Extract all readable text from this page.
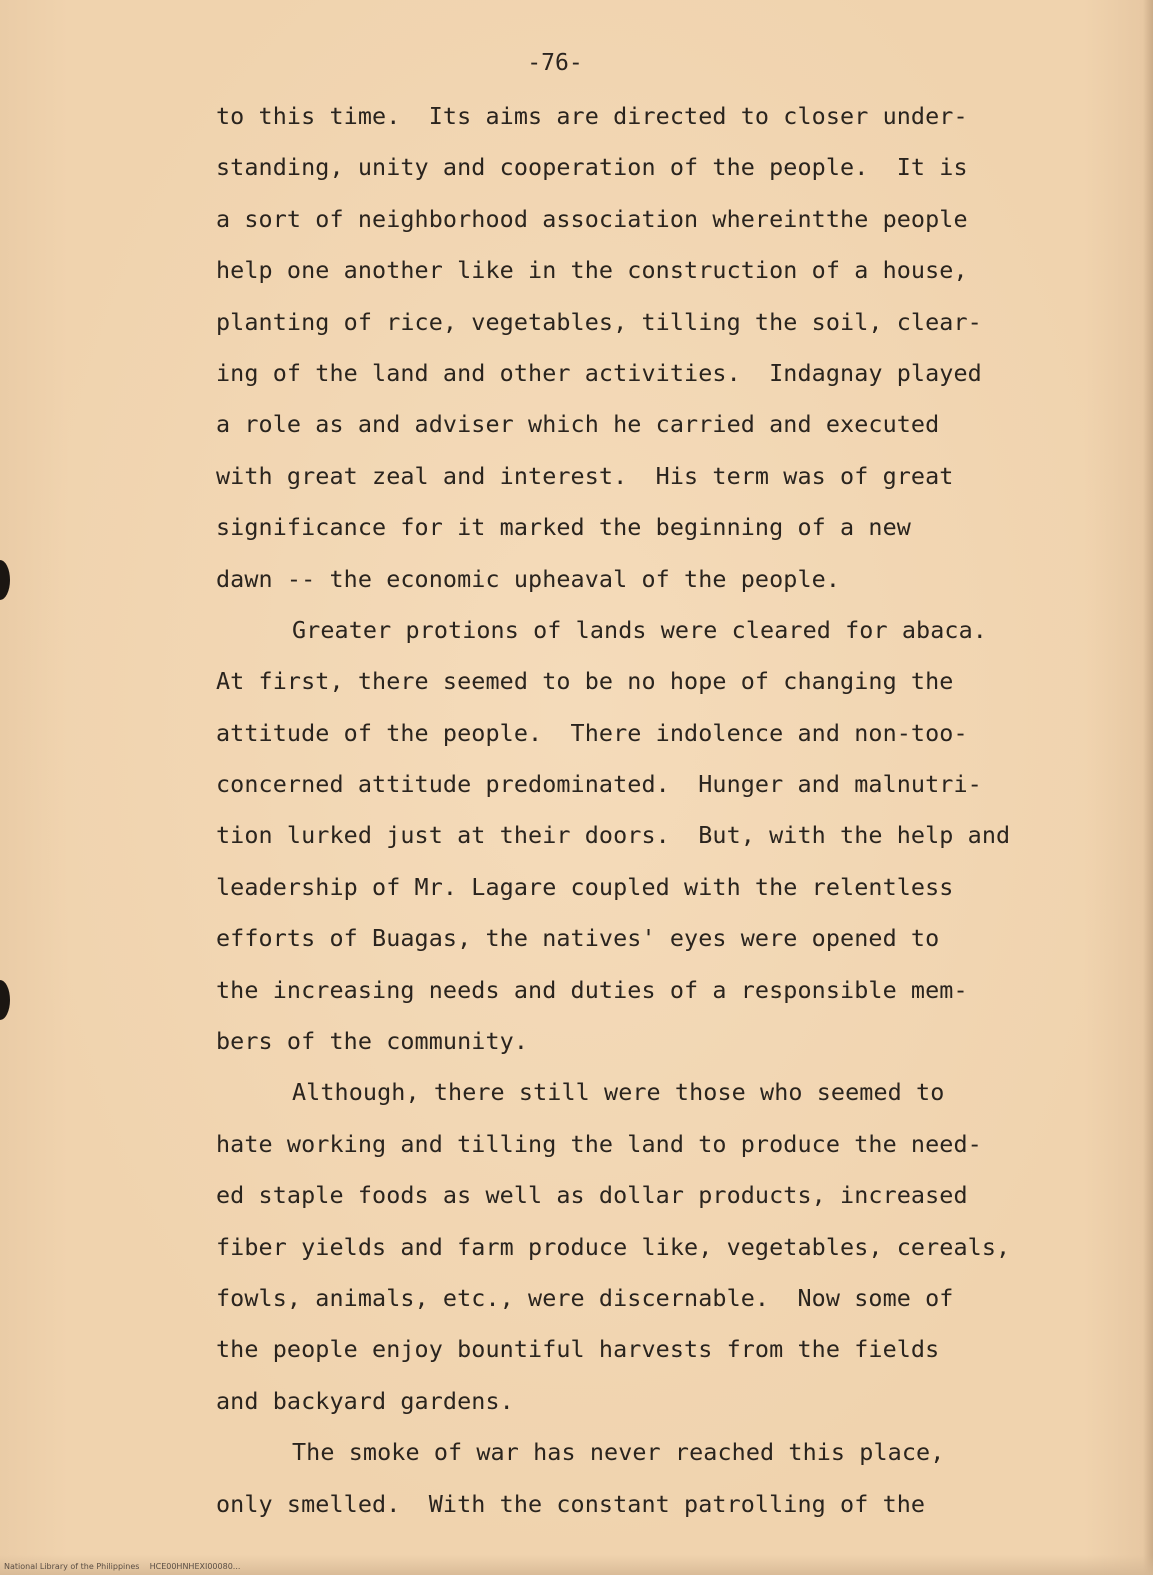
-76-
to this time.  Its aims are directed to closer under-
standing, unity and cooperation of the people.  It is
a sort of neighborhood association whereintthe people
help one another like in the construction of a house,
planting of rice, vegetables, tilling the soil, clear-
ing of the land and other activities.  Indagnay played
a role as and adviser which he carried and executed
with great zeal and interest.  His term was of great
significance for it marked the beginning of a new
dawn -- the economic upheaval of the people.
Greater protions of lands were cleared for abaca.
At first, there seemed to be no hope of changing the
attitude of the people.  There indolence and non-too-
concerned attitude predominated.  Hunger and malnutri-
tion lurked just at their doors.  But, with the help and
leadership of Mr. Lagare coupled with the relentless
efforts of Buagas, the natives' eyes were opened to
the increasing needs and duties of a responsible mem-
bers of the community.
Although, there still were those who seemed to
hate working and tilling the land to produce the need-
ed staple foods as well as dollar products, increased
fiber yields and farm produce like, vegetables, cereals,
fowls, animals, etc., were discernable.  Now some of
the people enjoy bountiful harvests from the fields
and backyard gardens.
The smoke of war has never reached this place,
only smelled.  With the constant patrolling of the
National Library of the Philippines    HCE00HNHEXI00080...
